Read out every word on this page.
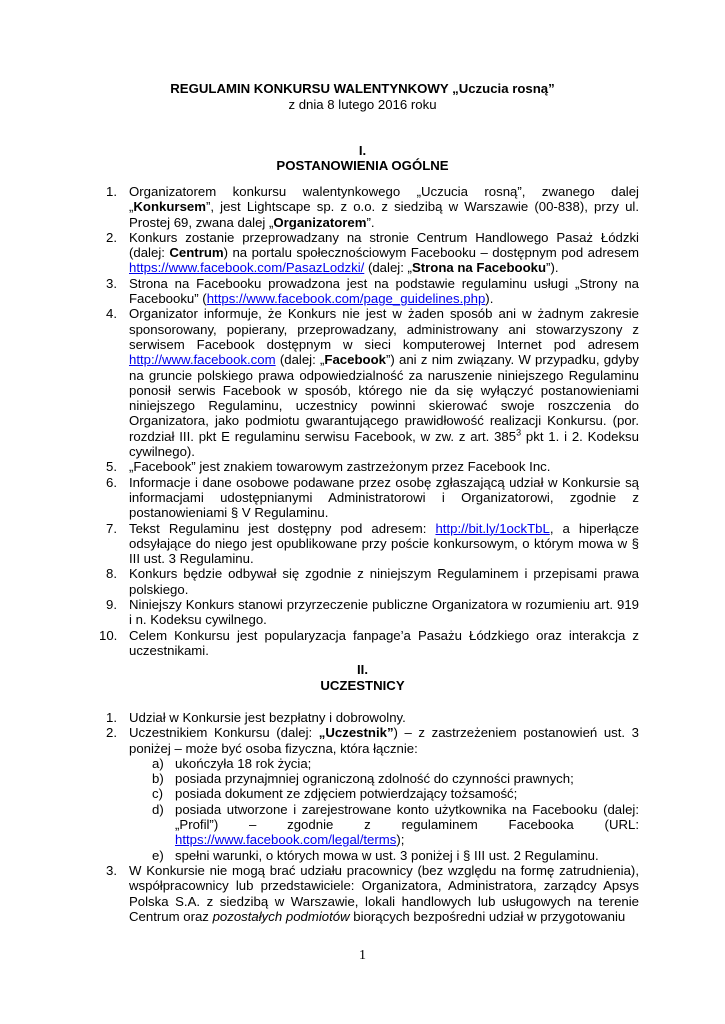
REGULAMIN KONKURSU WALENTYNKOWY „Uczucia rosną”
z dnia 8 lutego 2016 roku
I.
POSTANOWIENIA OGÓLNE
1. Organizatorem konkursu walentynkowego „Uczucia rosną”, zwanego dalej „Konkursem”, jest Lightscape sp. z o.o. z siedzibą w Warszawie (00-838), przy ul. Prostej 69, zwana dalej „Organizatorem”.
2. Konkurs zostanie przeprowadzany na stronie Centrum Handlowego Pasaż Łódzki (dalej: Centrum) na portalu społecznościowym Facebooku – dostępnym pod adresem https://www.facebook.com/PasazLodzki/ (dalej: „Strona na Facebooku”).
3. Strona na Facebooku prowadzona jest na podstawie regulaminu usługi „Strony na Facebooku” (https://www.facebook.com/page_guidelines.php).
4. Organizator informuje, że Konkurs nie jest w żaden sposób ani w żadnym zakresie sponsorowany, popierany, przeprowadzany, administrowany ani stowarzyszony z serwisem Facebook dostępnym w sieci komputerowej Internet pod adresem http://www.facebook.com (dalej: „Facebook”) ani z nim związany. W przypadku, gdyby na gruncie polskiego prawa odpowiedzialność za naruszenie niniejszego Regulaminu ponosił serwis Facebook w sposób, którego nie da się wyłączyć postanowieniami niniejszego Regulaminu, uczestnicy powinni skierować swoje roszczenia do Organizatora, jako podmiotu gwarantującego prawidłowość realizacji Konkursu. (por. rozdział III. pkt E regulaminu serwisu Facebook, w zw. z art. $385^3$ pkt 1. i 2. Kodeksu cywilnego).
5. „Facebook” jest znakiem towarowym zastrzeżonym przez Facebook Inc.
6. Informacje i dane osobowe podawane przez osobę zgłaszającą udział w Konkursie są informacjami udostępnianymi Administratorowi i Organizatorowi, zgodnie z postanowieniami § V Regulaminu.
7. Tekst Regulaminu jest dostępny pod adresem: http://bit.ly/1ockTbL, a hiperłącze odsyłające do niego jest opublikowane przy poście konkursowym, o którym mowa w § III ust. 3 Regulaminu.
8. Konkurs będzie odbywał się zgodnie z niniejszym Regulaminem i przepisami prawa polskiego.
9. Niniejszy Konkurs stanowi przyrzeczenie publiczne Organizatora w rozumieniu art. 919 i n. Kodeksu cywilnego.
10. Celem Konkursu jest popularyzacja fanpage’a Pasażu Łódzkiego oraz interakcja z uczestnikami.
II.
UCZESTNICY
1. Udział w Konkursie jest bezpłatny i dobrowolny.
2. Uczestnikiem Konkursu (dalej: „Uczestnik”) – z zastrzeżeniem postanowień ust. 3 poniżej – może być osoba fizyczna, która łącznie:
a) ukończyła 18 rok życia;
b) posiada przynajmniej ograniczoną zdolność do czynności prawnych;
c) posiada dokument ze zdjęciem potwierdzający tożsamość;
d) posiada utworzone i zarejestrowane konto użytkownika na Facebooku (dalej: „Profil”) – zgodnie z regulaminem Facebooka (URL: https://www.facebook.com/legal/terms);
e) spełni warunki, o których mowa w ust. 3 poniżej i § III ust. 2 Regulaminu.
3. W Konkursie nie mogą brać udziału pracownicy (bez względu na formę zatrudnienia), współpracownicy lub przedstawiciele: Organizatora, Administratora, zarządcy Apsys Polska S.A. z siedzibą w Warszawie, lokali handlowych lub usługowych na terenie Centrum oraz pozostałych podmiotów biorących bezpośredni udział w przygotowaniu
1
